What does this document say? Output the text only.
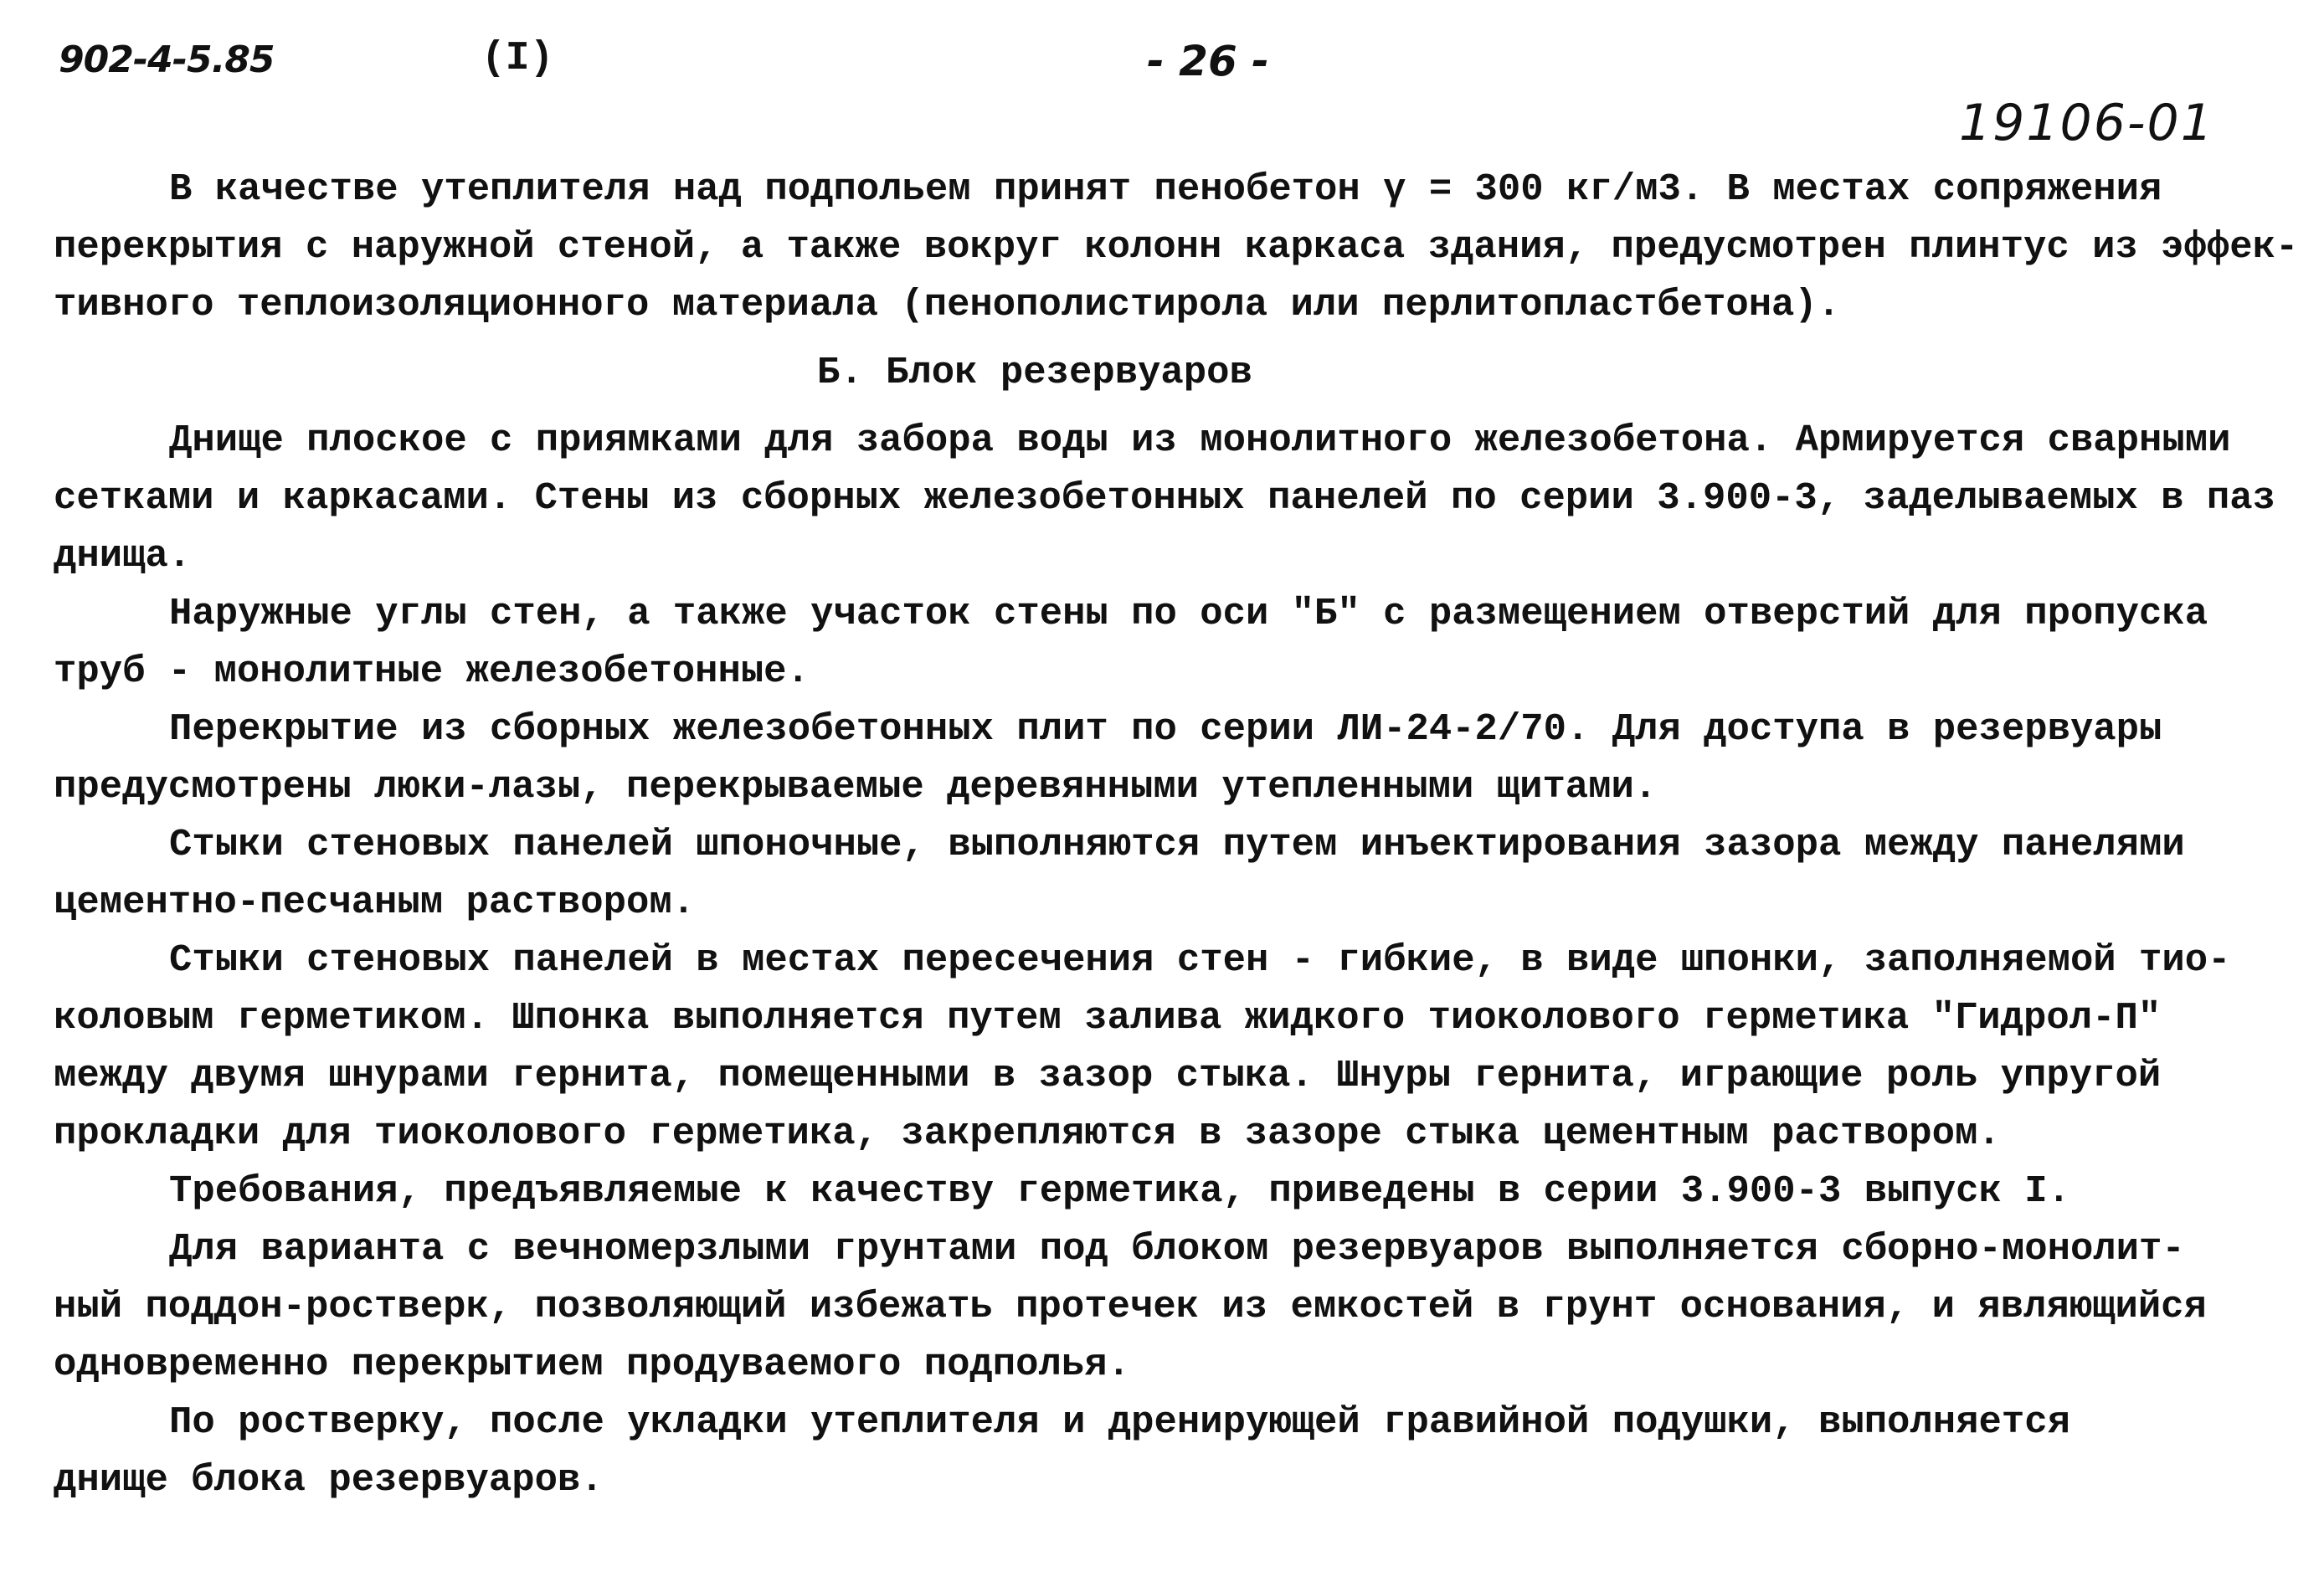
902-4-5.85	(I)	- 26 -
19106-01
В качестве утеплителя над подпольем принят пенобетон γ = 300 кг/м3. В местах сопряжения
перекрытия с наружной стеной, а также вокруг колонн каркаса здания, предусмотрен плинтус из эффек-
тивного теплоизоляционного материала (пенополистирола или перлитопластбетона).
Б. Блок резервуаров
Днище плоское с приямками для забора воды из монолитного железобетона. Армируется сварными
сетками и каркасами. Стены из сборных железобетонных панелей по серии 3.900-3, заделываемых в паз
днища.
Наружные углы стен, а также участок стены по оси "Б" с размещением отверстий для пропуска
труб - монолитные железобетонные.
Перекрытие из сборных железобетонных плит по серии ЛИ-24-2/70. Для доступа в резервуары
предусмотрены люки-лазы, перекрываемые деревянными утепленными щитами.
Стыки стеновых панелей шпоночные, выполняются путем инъектирования зазора между панелями
цементно-песчаным раствором.
Стыки стеновых панелей в местах пересечения стен - гибкие, в виде шпонки, заполняемой тио-
коловым герметиком. Шпонка выполняется путем залива жидкого тиоколового герметика "Гидрол-П"
между двумя шнурами гернита, помещенными в зазор стыка. Шнуры гернита, играющие роль упругой
прокладки для тиоколового герметика, закрепляются в зазоре стыка цементным раствором.
Требования, предъявляемые к качеству герметика, приведены в серии 3.900-3 выпуск I.
Для варианта с вечномерзлыми грунтами под блоком резервуаров выполняется сборно-монолит-
ный поддон-ростверк, позволяющий избежать протечек из емкостей в грунт основания, и являющийся
одновременно перекрытием продуваемого подполья.
По ростверку, после укладки утеплителя и дренирующей гравийной подушки, выполняется
днище блока резервуаров.
